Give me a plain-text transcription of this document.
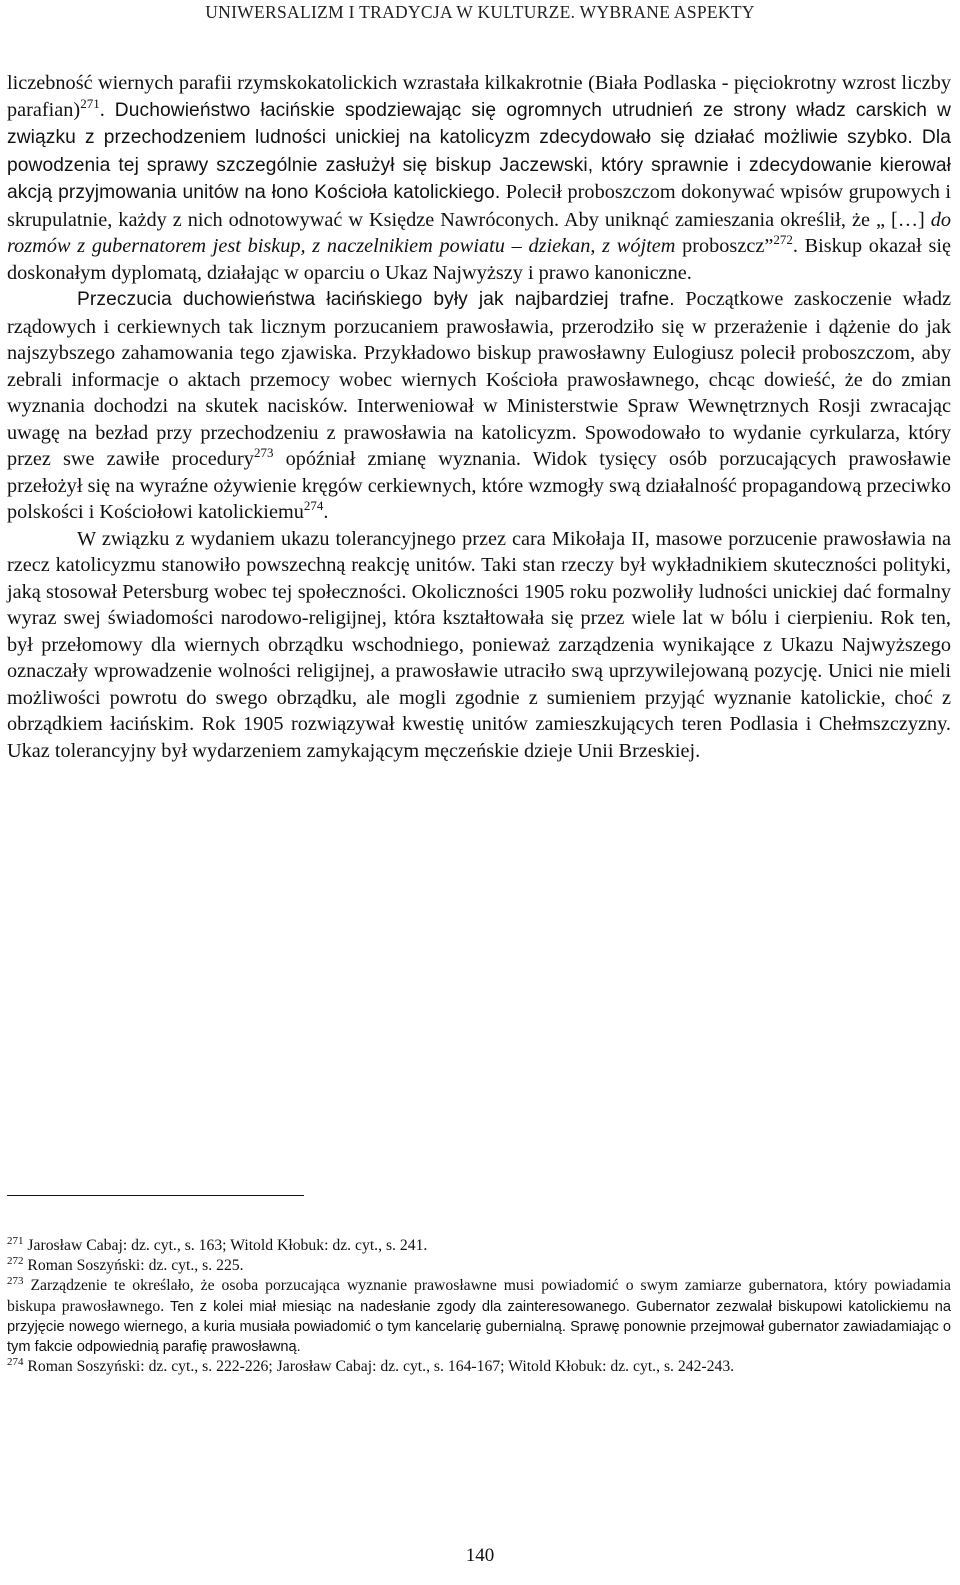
UNIWERSALIZM I TRADYCJA W KULTURZE. WYBRANE ASPEKTY

liczebność wiernych parafii rzymskokatolickich wzrastała kilkakrotnie (Biała Podlaska - pięciokrotny wzrost liczby parafian)$^{271}$. Duchowieństwo łacińskie spodziewając się ogromnych utrudnień ze strony władz carskich w związku z przechodzeniem ludności unickiej na katolicyzm zdecydowało się działać możliwie szybko. Dla powodzenia tej sprawy szczególnie zasłużył się biskup Jaczewski, który sprawnie i zdecydowanie kierował akcją przyjmowania unitów na łono Kościoła katolickiego. Polecił proboszczom dokonywać wpisów grupowych i skrupulatnie, każdy z nich odnotowywać w Księdze Nawróconych. Aby uniknąć zamieszania określił, że „ […] do rozmów z gubernatorem jest biskup, z naczelnikiem powiatu – dziekan, z wójtem proboszcz”$^{272}$. Biskup okazał się doskonałym dyplomatą, działając w oparciu o Ukaz Najwyższy i prawo kanoniczne.

Przeczucia duchowieństwa łacińskiego były jak najbardziej trafne. Początkowe zaskoczenie władz rządowych i cerkiewnych tak licznym porzucaniem prawosławia, przerodziło się w przerażenie i dążenie do jak najszybszego zahamowania tego zjawiska. Przykładowo biskup prawosławny Eulogiusz polecił proboszczom, aby zebrali informacje o aktach przemocy wobec wiernych Kościoła prawosławnego, chcąc dowieść, że do zmian wyznania dochodzi na skutek nacisków. Interweniował w Ministerstwie Spraw Wewnętrznych Rosji zwracając uwagę na bezład przy przechodzeniu z prawosławia na katolicyzm. Spowodowało to wydanie cyrkularza, który przez swe zawiłe procedury$^{273}$ opóźniał zmianę wyznania. Widok tysięcy osób porzucających prawosławie przełożył się na wyraźne ożywienie kręgów cerkiewnych, które wzmogły swą działalność propagandową przeciwko polskości i Kościołowi katolickiemu$^{274}$.

W związku z wydaniem ukazu tolerancyjnego przez cara Mikołaja II, masowe porzucenie prawosławia na rzecz katolicyzmu stanowiło powszechną reakcję unitów. Taki stan rzeczy był wykładnikiem skuteczności polityki, jaką stosował Petersburg wobec tej społeczności. Okoliczności 1905 roku pozwoliły ludności unickiej dać formalny wyraz swej świadomości narodowo-religijnej, która kształtowała się przez wiele lat w bólu i cierpieniu. Rok ten, był przełomowy dla wiernych obrządku wschodniego, ponieważ zarządzenia wynikające z Ukazu Najwyższego oznaczały wprowadzenie wolności religijnej, a prawosławie utraciło swą uprzywilejowaną pozycję. Unici nie mieli możliwości powrotu do swego obrządku, ale mogli zgodnie z sumieniem przyjąć wyznanie katolickie, choć z obrządkiem łacińskim. Rok 1905 rozwiązywał kwestię unitów zamieszkujących teren Podlasia i Chełmszczyzny. Ukaz tolerancyjny był wydarzeniem zamykającym męczeńskie dzieje Unii Brzeskiej.

$^{271}$ Jarosław Cabaj: dz. cyt., s. 163; Witold Kłobuk: dz. cyt., s. 241.

$^{272}$ Roman Soszyński: dz. cyt., s. 225.

$^{273}$ Zarządzenie te określało, że osoba porzucająca wyznanie prawosławne musi powiadomić o swym zamiarze gubernatora, który powiadamia biskupa prawosławnego. Ten z kolei miał miesiąc na nadesłanie zgody dla zainteresowanego. Gubernator zezwalał biskupowi katolickiemu na przyjęcie nowego wiernego, a kuria musiała powiadomić o tym kancelarię gubernialną. Sprawę ponownie przejmował gubernator zawiadamiając o tym fakcie odpowiednią parafię prawosławną.

$^{274}$ Roman Soszyński: dz. cyt., s. 222-226; Jarosław Cabaj: dz. cyt., s. 164-167; Witold Kłobuk: dz. cyt., s. 242-243.

140
